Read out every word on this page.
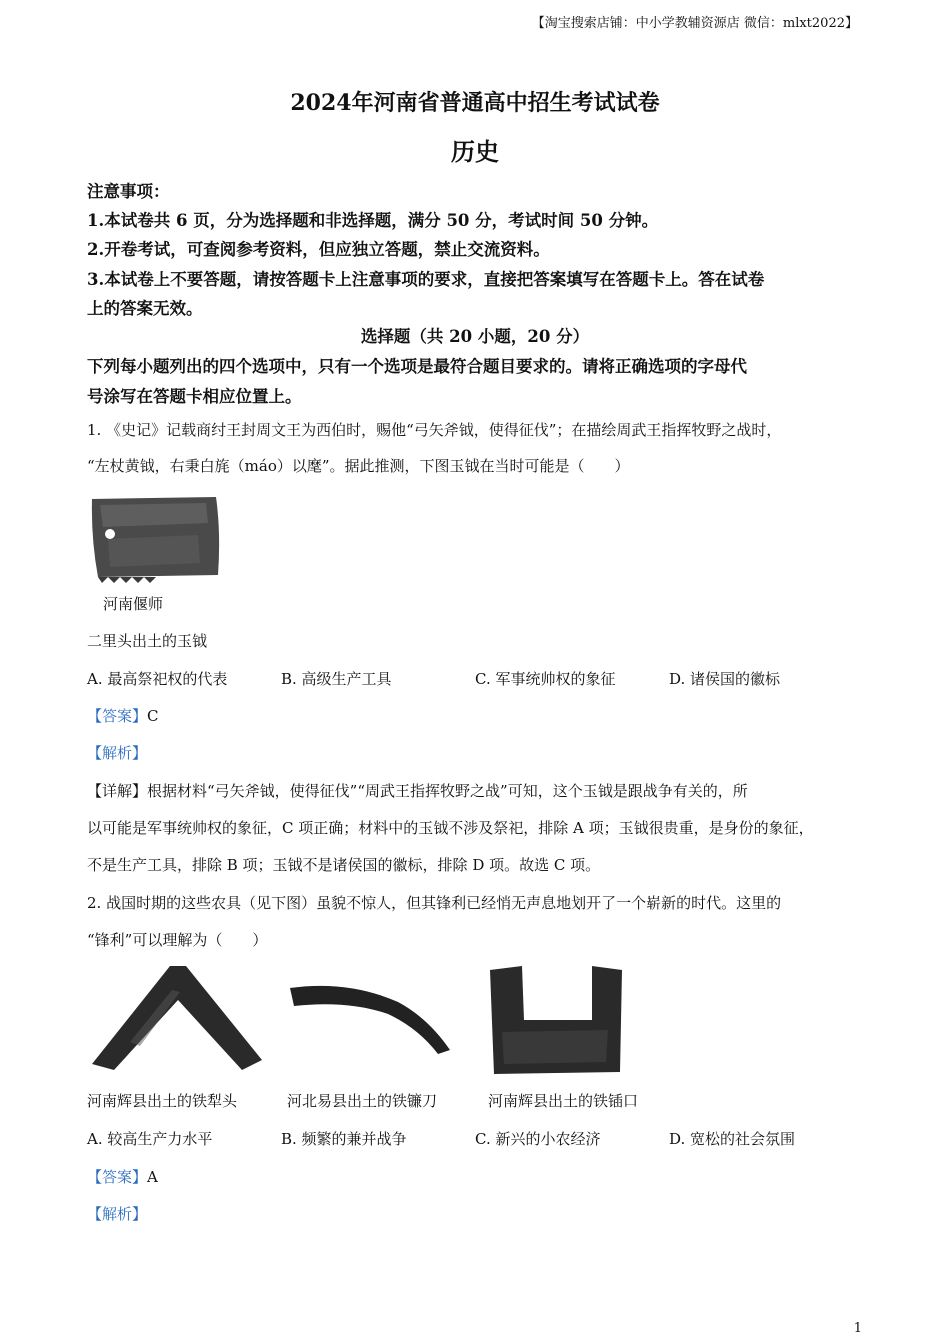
【淘宝搜索店铺：中小学教辅资源店 微信：mlxt2022】
2024年河南省普通高中招生考试试卷
历史
注意事项：
1.本试卷共 6 页，分为选择题和非选择题，满分 50 分，考试时间 50 分钟。
2.开卷考试，可查阅参考资料，但应独立答题，禁止交流资料。
3.本试卷上不要答题，请按答题卡上注意事项的要求，直接把答案填写在答题卡上。答在试卷
上的答案无效。
选择题（共 20 小题，20 分）
下列每小题列出的四个选项中，只有一个选项是最符合题目要求的。请将正确选项的字母代
号涂写在答题卡相应位置上。
1. 《史记》记载商纣王封周文王为西伯时，赐他“弓矢斧钺，使得征伐”；在描绘周武王指挥牧野之战时，
“左杖黄钺，右秉白旄（máo）以麾”。据此推测，下图玉钺在当时可能是（　　）
河南偃师
二里头出土的玉钺
A. 最高祭祀权的代表	B. 高级生产工具	C. 军事统帅权的象征	D. 诸侯国的徽标
【答案】C
【解析】
【详解】根据材料“弓矢斧钺，使得征伐”“周武王指挥牧野之战”可知，这个玉钺是跟战争有关的，所
以可能是军事统帅权的象征，C 项正确；材料中的玉钺不涉及祭祀，排除 A 项；玉钺很贵重，是身份的象征，
不是生产工具，排除 B 项；玉钺不是诸侯国的徽标，排除 D 项。故选 C 项。
2. 战国时期的这些农具（见下图）虽貌不惊人，但其锋利已经悄无声息地划开了一个崭新的时代。这里的
“锋利”可以理解为（　　）
河南辉县出土的铁犁头	河北易县出土的铁镰刀	河南辉县出土的铁锸口
A. 较高生产力水平	B. 频繁的兼并战争	C. 新兴的小农经济	D. 宽松的社会氛围
【答案】A
【解析】
1
